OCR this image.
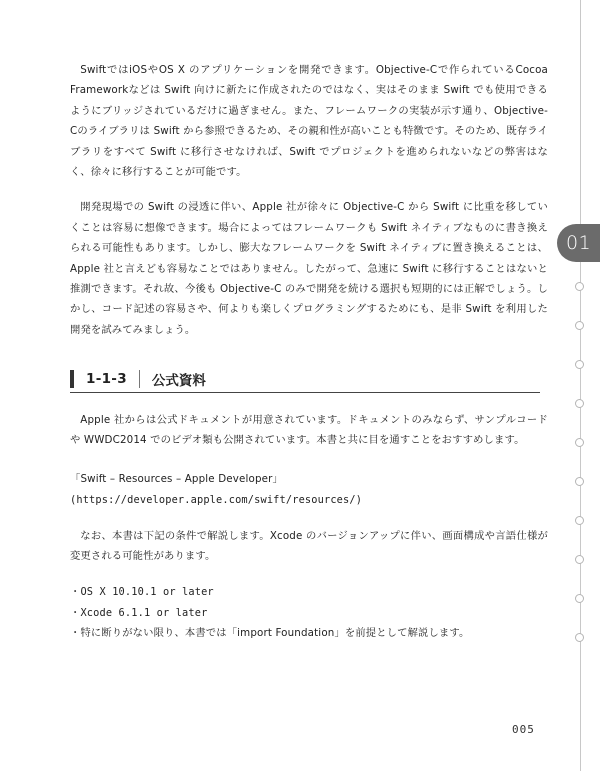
SwiftではiOSやOS X のアプリケーションを開発できます。Objective-Cで作られているCocoa Frameworkなどは Swift 向けに新たに作成されたのではなく、実はそのまま Swift でも使用できるようにブリッジされているだけに過ぎません。また、フレームワークの実装が示す通り、Objective-Cのライブラリは Swift から参照できるため、その親和性が高いことも特徴です。そのため、既存ライブラリをすべて Swift に移行させなければ、Swift でプロジェクトを進められないなどの弊害はなく、徐々に移行することが可能です。

開発現場での Swift の浸透に伴い、Apple 社が徐々に Objective-C から Swift に比重を移していくことは容易に想像できます。場合によってはフレームワークも Swift ネイティブなものに書き換えられる可能性もあります。しかし、膨大なフレームワークを Swift ネイティブに置き換えることは、Apple 社と言えども容易なことではありません。したがって、急速に Swift に移行することはないと推測できます。それ故、今後も Objective-C のみで開発を続ける選択も短期的には正解でしょう。しかし、コード記述の容易さや、何よりも楽しくプログラミングするためにも、是非 Swift を利用した開発を試みてみましょう。

1-1-3 公式資料

Apple 社からは公式ドキュメントが用意されています。ドキュメントのみならず、サンプルコードや WWDC2014 でのビデオ類も公開されています。本書と共に目を通すことをおすすめします。

「Swift – Resources – Apple Developer」

(https://developer.apple.com/swift/resources/)

なお、本書は下記の条件で解説します。Xcode のバージョンアップに伴い、画面構成や言語仕様が変更される可能性があります。

・OS X 10.10.1 or later
・Xcode 6.1.1 or later
・特に断りがない限り、本書では「import Foundation」を前提として解説します。
005
01
